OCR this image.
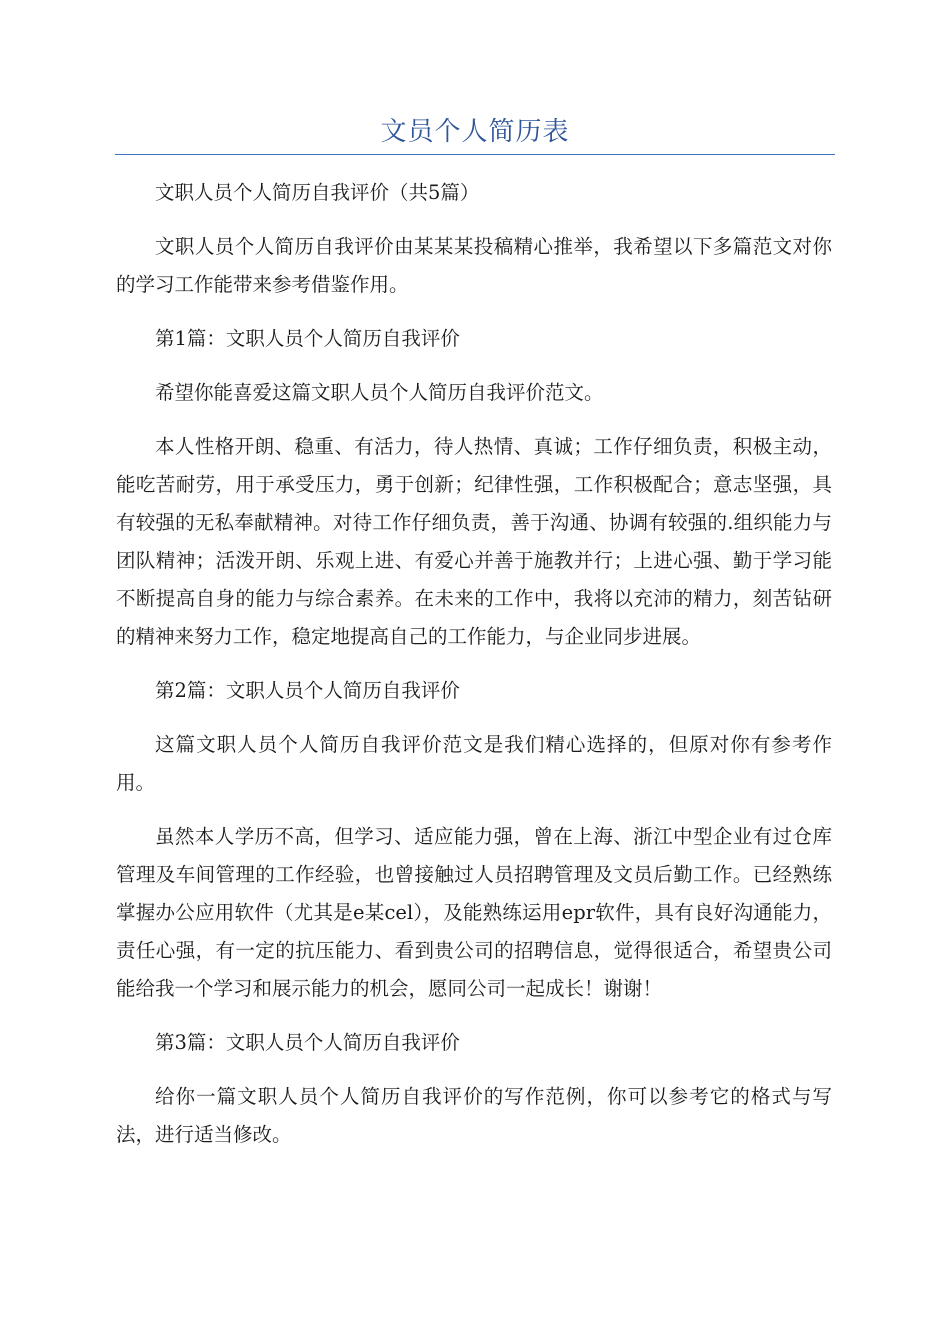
文员个人简历表

文职人员个人简历自我评价（共5篇）

文职人员个人简历自我评价由某某某投稿精心推举，我希望以下多篇范文对你的学习工作能带来参考借鉴作用。

第1篇：文职人员个人简历自我评价

希望你能喜爱这篇文职人员个人简历自我评价范文。

本人性格开朗、稳重、有活力，待人热情、真诚；工作仔细负责，积极主动，能吃苦耐劳，用于承受压力，勇于创新；纪律性强，工作积极配合；意志坚强，具有较强的无私奉献精神。对待工作仔细负责，善于沟通、协调有较强的.组织能力与团队精神；活泼开朗、乐观上进、有爱心并善于施教并行；上进心强、勤于学习能不断提高自身的能力与综合素养。在未来的工作中，我将以充沛的精力，刻苦钻研的精神来努力工作，稳定地提高自己的工作能力，与企业同步进展。

第2篇：文职人员个人简历自我评价

这篇文职人员个人简历自我评价范文是我们精心选择的，但原对你有参考作用。

虽然本人学历不高，但学习、适应能力强，曾在上海、浙江中型企业有过仓库管理及车间管理的工作经验，也曾接触过人员招聘管理及文员后勤工作。已经熟练掌握办公应用软件（尤其是e某cel），及能熟练运用epr软件，具有良好沟通能力，责任心强，有一定的抗压能力、看到贵公司的招聘信息，觉得很适合，希望贵公司能给我一个学习和展示能力的机会，愿同公司一起成长！谢谢！

第3篇：文职人员个人简历自我评价

给你一篇文职人员个人简历自我评价的写作范例，你可以参考它的格式与写法，进行适当修改。
